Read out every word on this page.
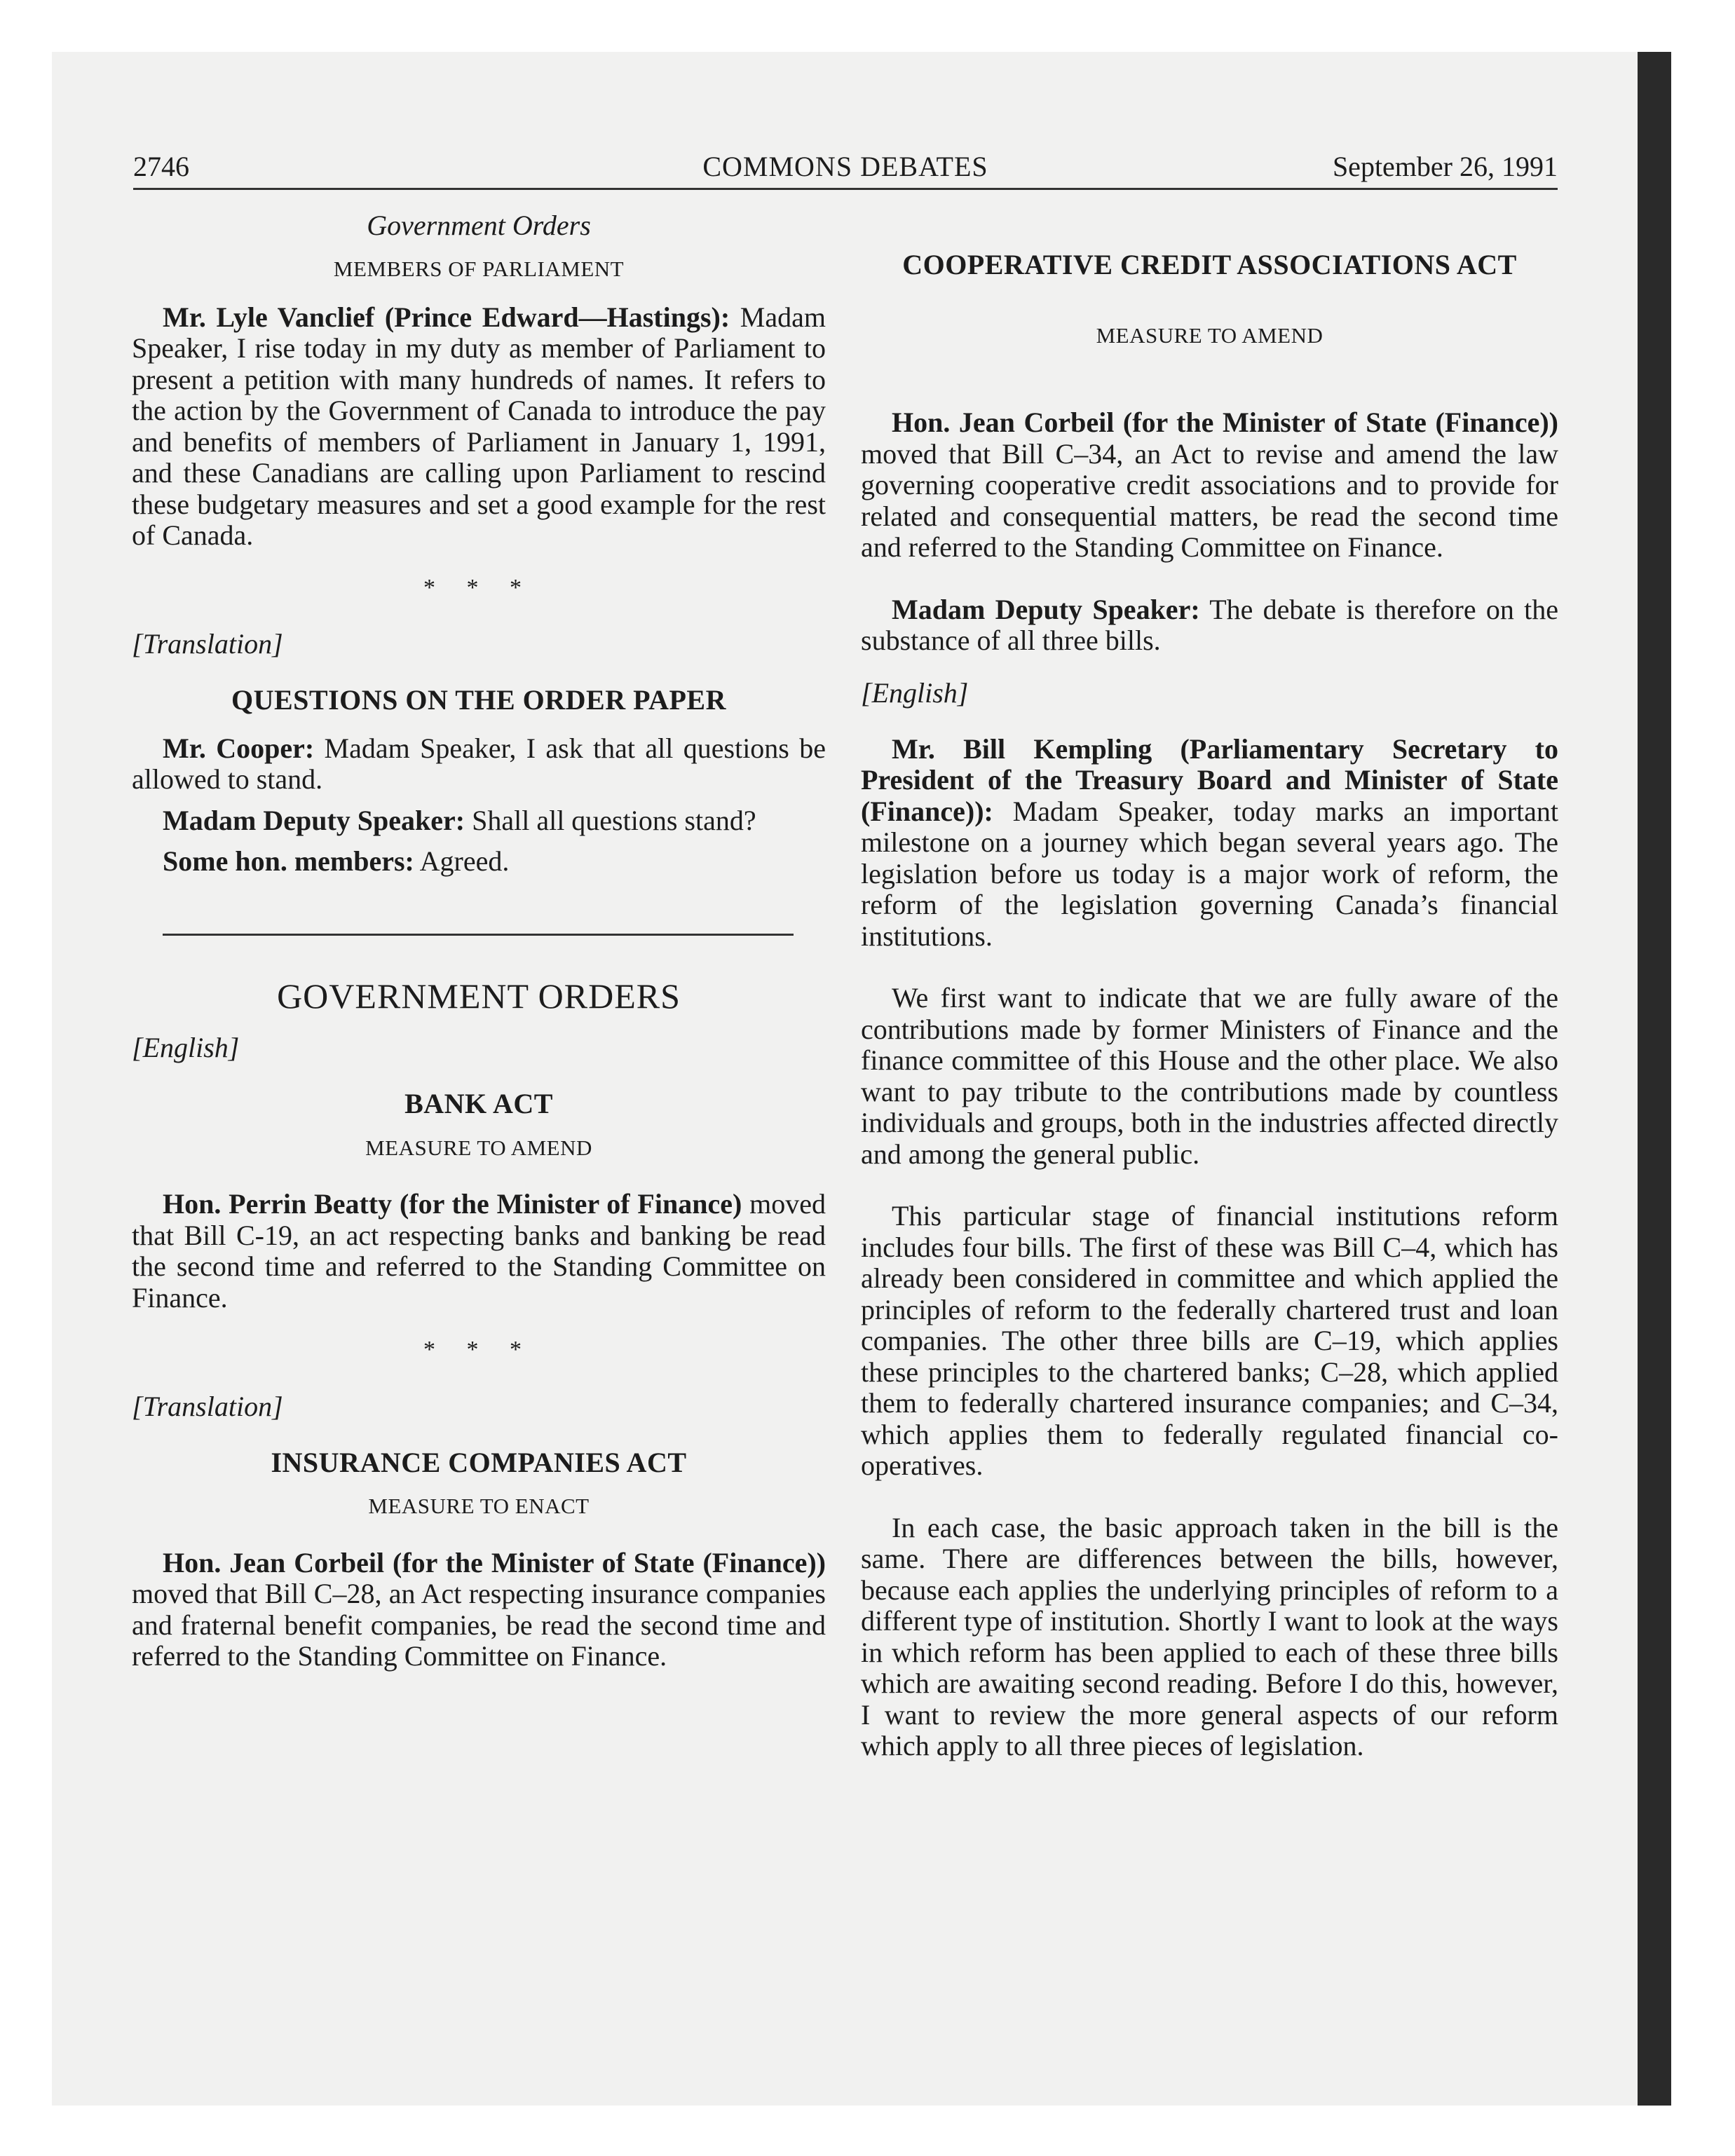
2746	COMMONS DEBATES	September 26, 1991

Government Orders

MEMBERS OF PARLIAMENT

Mr. Lyle Vanclief (Prince Edward—Hastings): Madam Speaker, I rise today in my duty as member of Parliament to present a petition with many hundreds of names. It refers to the action by the Government of Canada to introduce the pay and benefits of members of Parliament in January 1, 1991, and these Canadians are calling upon Parliament to rescind these budgetary measures and set a good example for the rest of Canada.

* * *

[Translation]

QUESTIONS ON THE ORDER PAPER

Mr. Cooper: Madam Speaker, I ask that all questions be allowed to stand.

Madam Deputy Speaker: Shall all questions stand?

Some hon. members: Agreed.

GOVERNMENT ORDERS

[English]

BANK ACT

MEASURE TO AMEND

Hon. Perrin Beatty (for the Minister of Finance) moved that Bill C-19, an act respecting banks and banking be read the second time and referred to the Standing Committee on Finance.

* * *

[Translation]

INSURANCE COMPANIES ACT

MEASURE TO ENACT

Hon. Jean Corbeil (for the Minister of State (Finance)) moved that Bill C–28, an Act respecting insurance companies and fraternal benefit companies, be read the second time and referred to the Standing Committee on Finance.

COOPERATIVE CREDIT ASSOCIATIONS ACT

MEASURE TO AMEND

Hon. Jean Corbeil (for the Minister of State (Finance)) moved that Bill C–34, an Act to revise and amend the law governing cooperative credit associations and to provide for related and consequential matters, be read the second time and referred to the Standing Committee on Finance.

Madam Deputy Speaker: The debate is therefore on the substance of all three bills.

[English]

Mr. Bill Kempling (Parliamentary Secretary to President of the Treasury Board and Minister of State (Finance)): Madam Speaker, today marks an important milestone on a journey which began several years ago. The legislation before us today is a major work of reform, the reform of the legislation governing Canada’s financial institutions.

We first want to indicate that we are fully aware of the contributions made by former Ministers of Finance and the finance committee of this House and the other place. We also want to pay tribute to the contributions made by countless individuals and groups, both in the industries affected directly and among the general public.

This particular stage of financial institutions reform includes four bills. The first of these was Bill C–4, which has already been considered in committee and which applied the principles of reform to the federally chartered trust and loan companies. The other three bills are C–19, which applies these principles to the chartered banks; C–28, which applied them to federally chartered insurance companies; and C–34, which applies them to federally regulated financial co-operatives.

In each case, the basic approach taken in the bill is the same. There are differences between the bills, however, because each applies the underlying principles of reform to a different type of institution. Shortly I want to look at the ways in which reform has been applied to each of these three bills which are awaiting second reading. Before I do this, however, I want to review the more general aspects of our reform which apply to all three pieces of legislation.
